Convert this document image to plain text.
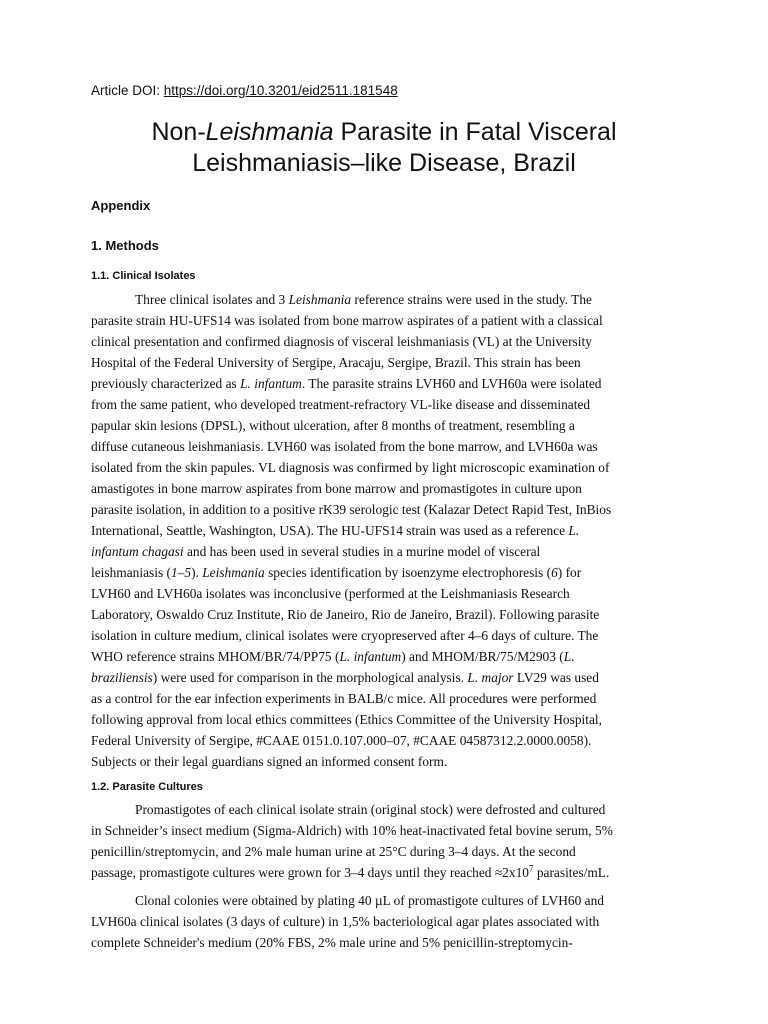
Article DOI: https://doi.org/10.3201/eid2511.181548
Non-Leishmania Parasite in Fatal Visceral
Leishmaniasis–like Disease, Brazil
Appendix
1. Methods
1.1. Clinical Isolates
Three clinical isolates and 3 Leishmania reference strains were used in the study. The
parasite strain HU-UFS14 was isolated from bone marrow aspirates of a patient with a classical
clinical presentation and confirmed diagnosis of visceral leishmaniasis (VL) at the University
Hospital of the Federal University of Sergipe, Aracaju, Sergipe, Brazil. This strain has been
previously characterized as L. infantum. The parasite strains LVH60 and LVH60a were isolated
from the same patient, who developed treatment-refractory VL-like disease and disseminated
papular skin lesions (DPSL), without ulceration, after 8 months of treatment, resembling a
diffuse cutaneous leishmaniasis. LVH60 was isolated from the bone marrow, and LVH60a was
isolated from the skin papules. VL diagnosis was confirmed by light microscopic examination of
amastigotes in bone marrow aspirates from bone marrow and promastigotes in culture upon
parasite isolation, in addition to a positive rK39 serologic test (Kalazar Detect Rapid Test, InBios
International, Seattle, Washington, USA). The HU-UFS14 strain was used as a reference L.
infantum chagasi and has been used in several studies in a murine model of visceral
leishmaniasis (1–5). Leishmania species identification by isoenzyme electrophoresis (6) for
LVH60 and LVH60a isolates was inconclusive (performed at the Leishmaniasis Research
Laboratory, Oswaldo Cruz Institute, Rio de Janeiro, Rio de Janeiro, Brazil). Following parasite
isolation in culture medium, clinical isolates were cryopreserved after 4–6 days of culture. The
WHO reference strains MHOM/BR/74/PP75 (L. infantum) and MHOM/BR/75/M2903 (L.
braziliensis) were used for comparison in the morphological analysis. L. major LV29 was used
as a control for the ear infection experiments in BALB/c mice. All procedures were performed
following approval from local ethics committees (Ethics Committee of the University Hospital,
Federal University of Sergipe, #CAAE 0151.0.107.000–07, #CAAE 04587312.2.0000.0058).
Subjects or their legal guardians signed an informed consent form.
1.2. Parasite Cultures
Promastigotes of each clinical isolate strain (original stock) were defrosted and cultured
in Schneider’s insect medium (Sigma-Aldrich) with 10% heat-inactivated fetal bovine serum, 5%
penicillin/streptomycin, and 2% male human urine at 25°C during 3–4 days. At the second
passage, promastigote cultures were grown for 3–4 days until they reached $\approx 2x10^7$ parasites/mL.
Clonal colonies were obtained by plating 40 µL of promastigote cultures of LVH60 and
LVH60a clinical isolates (3 days of culture) in 1,5% bacteriological agar plates associated with
complete Schneider's medium (20% FBS, 2% male urine and 5% penicillin-streptomycin-
